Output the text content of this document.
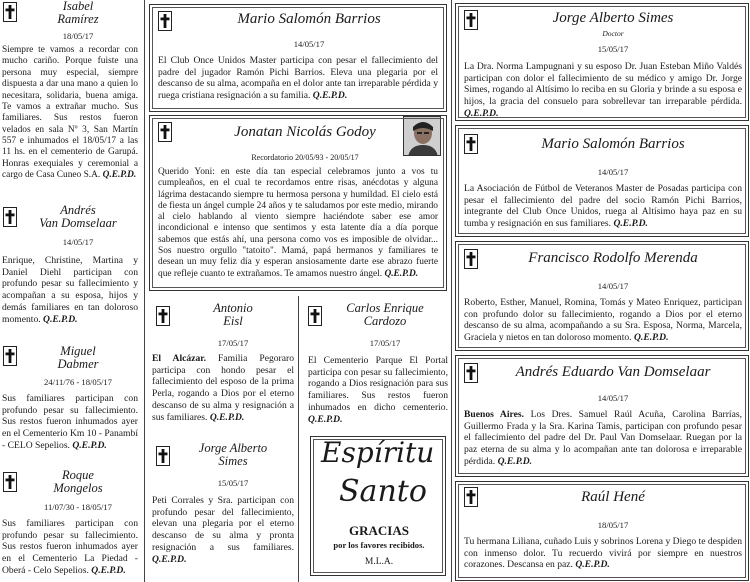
Isabel
Ramírez
18/05/17
Siempre te vamos a recordar con mucho cariño. Porque fuiste una persona muy especial, siempre dispuesta a dar una mano a quien lo necesitara, solidaria, buena amiga. Te vamos a extrañar mucho. Sus familiares. Sus restos fueron velados en sala Nº 3, San Martín 557 e inhumados el 18/05/17 a las 11 hs. en el cementerio de Garupá. Honras exequiales y ceremonial a cargo de Casa Cuneo S.A. Q.E.P.D.
Andrés
Van Domselaar
14/05/17
Enrique, Christine, Martina y Daniel Diehl participan con profundo pesar su fallecimiento y acompañan a su esposa, hijos y demás familiares en tan doloroso momento. Q.E.P.D.
Miguel
Dabmer
24/11/76 - 18/05/17
Sus familiares participan con profundo pesar su fallecimiento. Sus restos fueron inhumados ayer en el Cementerio Km 10 - Panambí - CELO Sepelios. Q.E.P.D.
Roque
Mongelos
11/07/30 - 18/05/17
Sus familiares participan con profundo pesar su fallecimiento. Sus restos fueron inhumados ayer en el Cementerio La Piedad - Oberá - Celo Sepelios. Q.E.P.D.
Mario Salomón Barrios
14/05/17
El Club Once Unidos Master participa con pesar el fallecimiento del padre del jugador Ramón Pichi Barrios. Eleva una plegaria por el descanso de su alma, acompaña en el dolor ante tan irreparable pérdida y ruega cristiana resignación a su familia. Q.E.P.D.
Jonatan Nicolás Godoy
Recordatorio 20/05/93 - 20/05/17
Querido Yoni: en este día tan especial celebramos junto a vos tu cumpleaños, en el cual te recordamos entre risas, anécdotas y alguna lágrima destacando siempre tu hermosa persona y humildad. El cielo está de fiesta un ángel cumple 24 años y te saludamos por este medio, mirando al cielo hablando al viento siempre haciéndote saber ese amor incondicional e intenso que sentimos y esta latente día a día porque sabemos que estás ahí, una persona como vos es imposible de olvidar... Sos nuestro orgullo "tatoito". Mamá, papá hermanos y familiares te desean un muy feliz día y esperan ansiosamente darte ese abrazo fuerte que refleje cuanto te extrañamos. Te amamos nuestro ángel. Q.E.P.D.
Antonio
Eisl
17/05/17
El Alcázar. Familia Pegoraro participa con hondo pesar el fallecimiento del esposo de la prima Perla, rogando a Dios por el eterno descanso de su alma y resignación a sus familiares. Q.E.P.D.
Jorge Alberto
Simes
15/05/17
Peti Corrales y Sra. participan con profundo pesar del fallecimiento, elevan una plegaria por el eterno descanso de su alma y pronta resignación a sus familiares. Q.E.P.D.
Carlos Enrique
Cardozo
17/05/17
El Cementerio Parque El Portal participa con pesar su fallecimiento, rogando a Dios resignación para sus familiares. Sus restos fueron inhumados en dicho cementerio. Q.E.P.D.
Espíritu
Santo
GRACIAS
por los favores recibidos.
M.L.A.
Jorge Alberto Simes
Doctor
15/05/17
La Dra. Norma Lampugnani y su esposo Dr. Juan Esteban Miño Valdés participan con dolor el fallecimiento de su médico y amigo Dr. Jorge Simes, rogando al Altísimo lo reciba en su Gloria y brinde a su esposa e hijos, la gracia del consuelo para sobrellevar tan irreparable pérdida. Q.E.P.D.
Mario Salomón Barrios
14/05/17
La Asociación de Fútbol de Veteranos Master de Posadas participa con pesar el fallecimiento del padre del socio Ramón Pichi Barrios, integrante del Club Once Unidos, ruega al Altísimo haya paz en su tumba y resignación en sus familiares. Q.E.P.D.
Francisco Rodolfo Merenda
14/05/17
Roberto, Esther, Manuel, Romina, Tomás y Mateo Enriquez, participan con profundo dolor su fallecimiento, rogando a Dios por el eterno descanso de su alma, acompañando a su Sra. Esposa, Norma, Marcela, Graciela y nietos en tan doloroso momento. Q.E.P.D.
Andrés Eduardo Van Domselaar
14/05/17
Buenos Aires. Los Dres. Samuel Raúl Acuña, Carolina Barrías, Guillermo Frada y la Sra. Karina Tamis, participan con profundo pesar el fallecimiento del padre del Dr. Paul Van Domselaar. Ruegan por la paz eterna de su alma y lo acompañan ante tan dolorosa e irreparable pérdida. Q.E.P.D.
Raúl Hené
18/05/17
Tu hermana Liliana, cuñado Luis y sobrinos Lorena y Diego te despiden con inmenso dolor. Tu recuerdo vivirá por siempre en nuestros corazones. Descansa en paz. Q.E.P.D.
